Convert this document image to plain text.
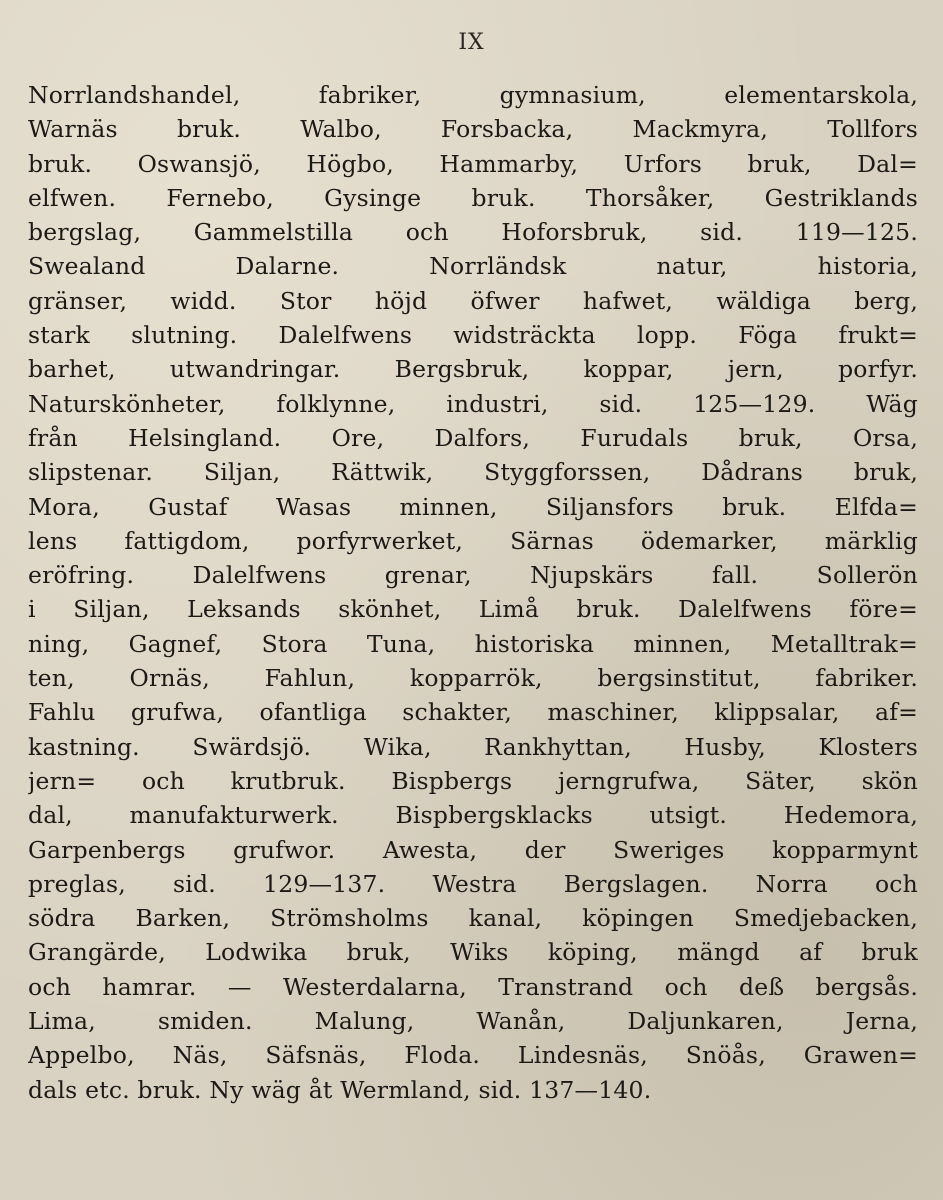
IX
Norrlandshandel, fabriker, gymnasium, elementarskola,
Warnäs bruk. Walbo, Forsbacka, Mackmyra, Tollfors
bruk. Oswansjö, Högbo, Hammarby, Urfors bruk, Dal=
elfwen. Fernebo, Gysinge bruk. Thorsåker, Gestriklands
bergslag, Gammelstilla och Hoforsbruk, sid. 119—125.
Swealand Dalarne. Norrländsk natur, historia,
gränser, widd. Stor höjd öfwer hafwet, wäldiga berg,
stark slutning. Dalelfwens widsträckta lopp. Föga frukt=
barhet, utwandringar. Bergsbruk, koppar, jern, porfyr.
Naturskönheter, folklynne, industri, sid. 125—129. Wäg
från Helsingland. Ore, Dalfors, Furudals bruk, Orsa,
slipstenar. Siljan, Rättwik, Styggforssen, Dådrans bruk,
Mora, Gustaf Wasas minnen, Siljansfors bruk. Elfda=
lens fattigdom, porfyrwerket, Särnas ödemarker, märklig
eröfring. Dalelfwens grenar, Njupskärs fall. Sollerön
i Siljan, Leksands skönhet, Limå bruk. Dalelfwens före=
ning, Gagnef, Stora Tuna, historiska minnen, Metalltrak=
ten, Ornäs, Fahlun, kopparrök, bergsinstitut, fabriker.
Fahlu grufwa, ofantliga schakter, maschiner, klippsalar, af=
kastning. Swärdsjö. Wika, Rankhyttan, Husby, Klosters
jern= och krutbruk. Bispbergs jerngrufwa, Säter, skön
dal, manufakturwerk. Bispbergsklacks utsigt. Hedemora,
Garpenbergs grufwor. Awesta, der Sweriges kopparmynt
preglas, sid. 129—137. Westra Bergslagen. Norra och
södra Barken, Strömsholms kanal, köpingen Smedjebacken,
Grangärde, Lodwika bruk, Wiks köping, mängd af bruk
och hamrar. — Westerdalarna, Transtrand och deß bergsås.
Lima, smiden. Malung, Wanån, Daljunkaren, Jerna,
Appelbo, Näs, Säfsnäs, Floda. Lindesnäs, Snöås, Grawen=
dals etc. bruk. Ny wäg åt Wermland, sid. 137—140.
